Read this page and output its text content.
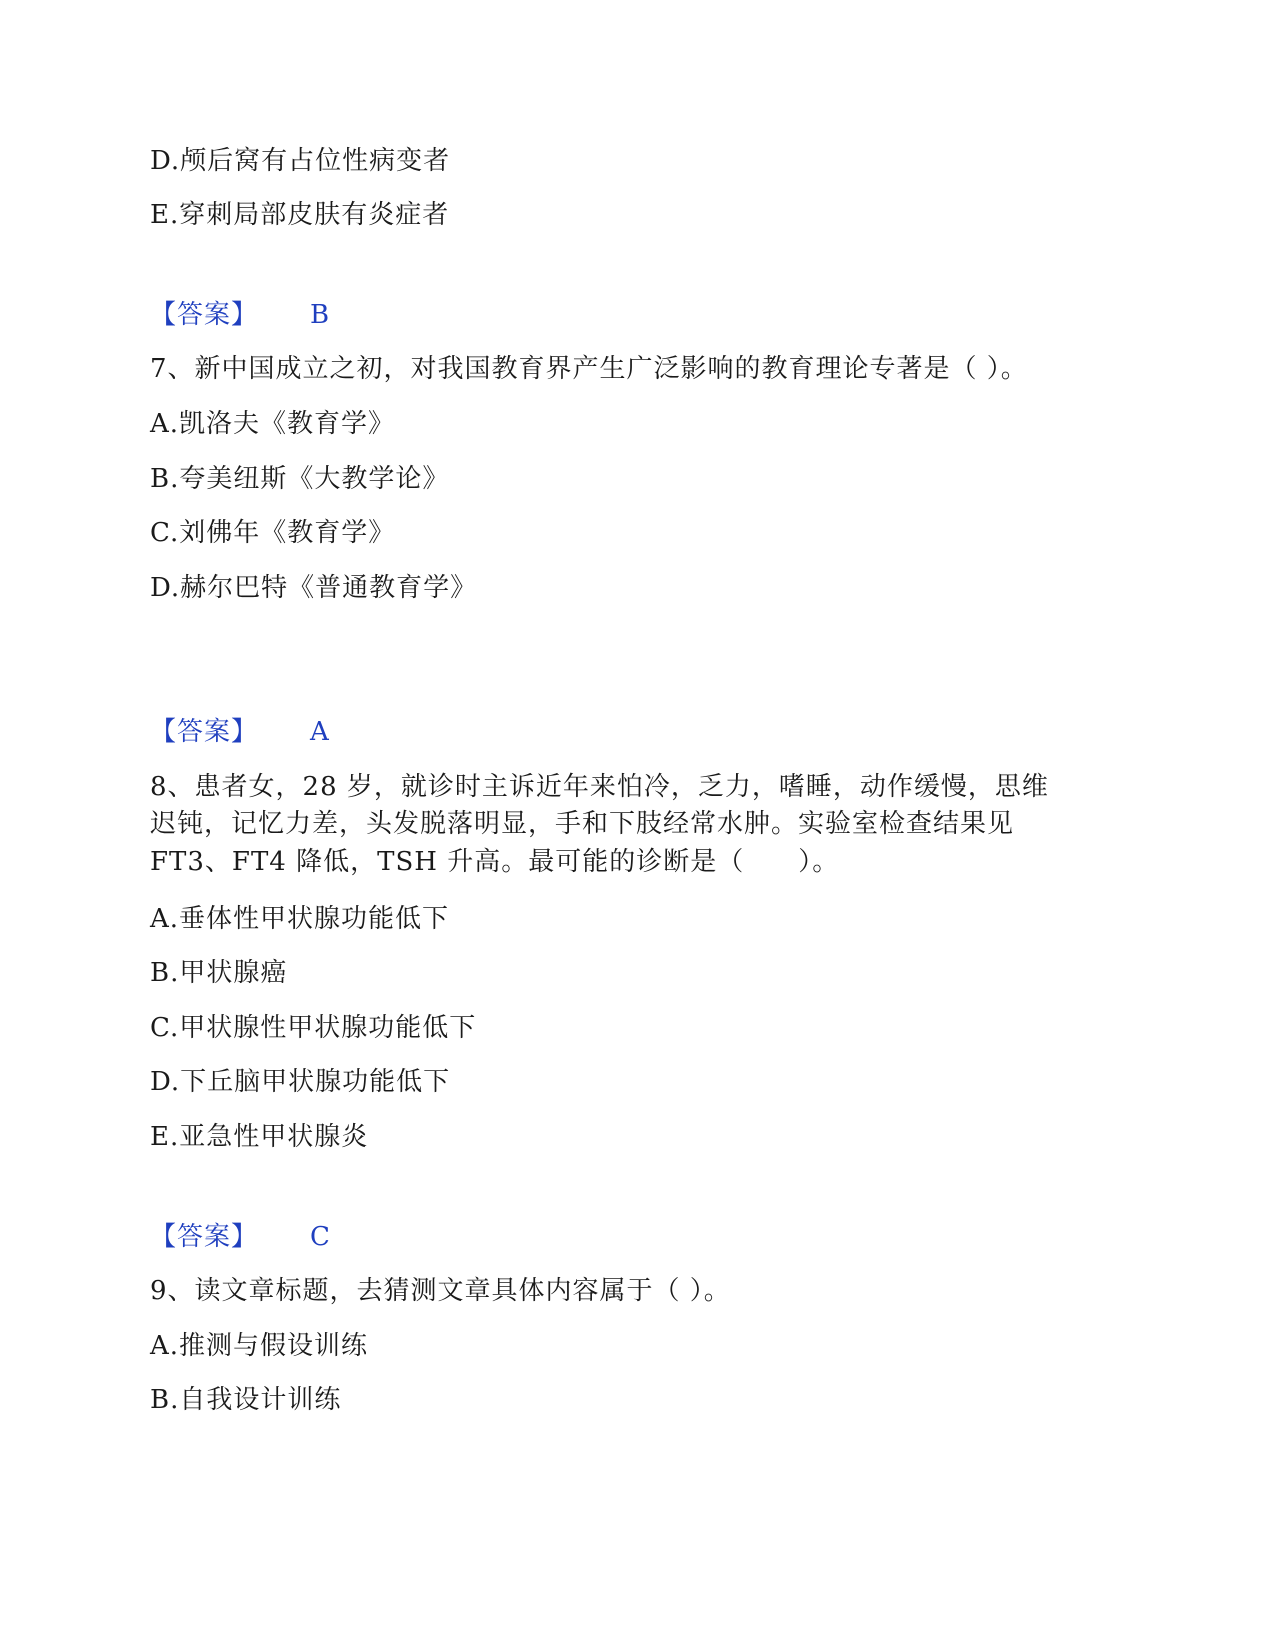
D.颅后窝有占位性病变者
E.穿刺局部皮肤有炎症者
【答案】 B
7、新中国成立之初，对我国教育界产生广泛影响的教育理论专著是（ ）。
A.凯洛夫《教育学》
B.夸美纽斯《大教学论》
C.刘佛年《教育学》
D.赫尔巴特《普通教育学》
【答案】 A
8、患者女，28 岁，就诊时主诉近年来怕冷，乏力，嗜睡，动作缓慢，思维
迟钝，记忆力差，头发脱落明显，手和下肢经常水肿。实验室检查结果见
FT3、FT4 降低，TSH 升高。最可能的诊断是（　　）。
A.垂体性甲状腺功能低下
B.甲状腺癌
C.甲状腺性甲状腺功能低下
D.下丘脑甲状腺功能低下
E.亚急性甲状腺炎
【答案】 C
9、读文章标题，去猜测文章具体内容属于（ ）。
A.推测与假设训练
B.自我设计训练
